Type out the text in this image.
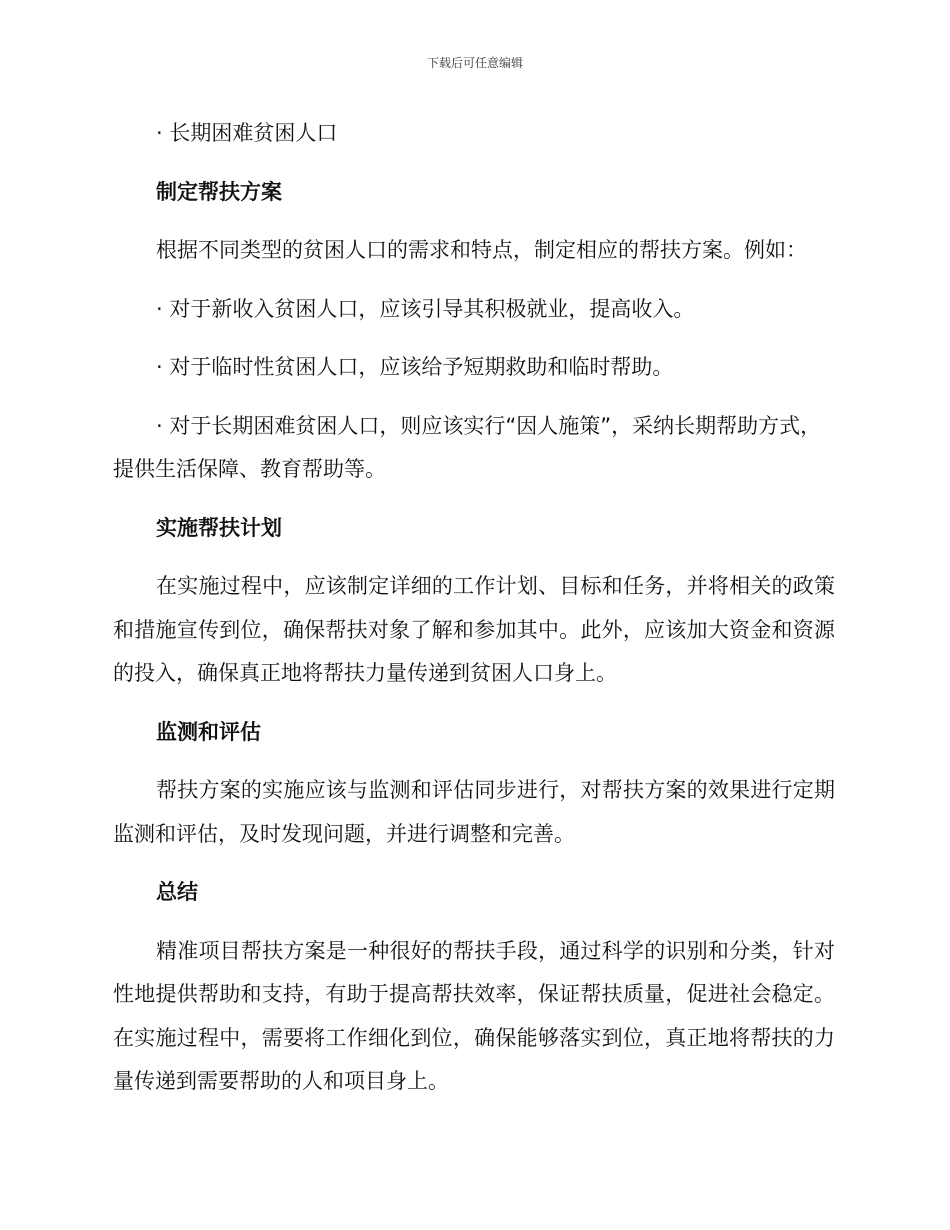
下载后可任意编辑

· 长期困难贫困人口

制定帮扶方案

根据不同类型的贫困人口的需求和特点，制定相应的帮扶方案。例如：

· 对于新收入贫困人口，应该引导其积极就业，提高收入。

· 对于临时性贫困人口，应该给予短期救助和临时帮助。

· 对于长期困难贫困人口，则应该实行“因人施策”，采纳长期帮助方式，提供生活保障、教育帮助等。

实施帮扶计划

在实施过程中，应该制定详细的工作计划、目标和任务，并将相关的政策和措施宣传到位，确保帮扶对象了解和参加其中。此外，应该加大资金和资源的投入，确保真正地将帮扶力量传递到贫困人口身上。

监测和评估

帮扶方案的实施应该与监测和评估同步进行，对帮扶方案的效果进行定期监测和评估，及时发现问题，并进行调整和完善。

总结

精准项目帮扶方案是一种很好的帮扶手段，通过科学的识别和分类，针对性地提供帮助和支持，有助于提高帮扶效率，保证帮扶质量，促进社会稳定。在实施过程中，需要将工作细化到位，确保能够落实到位，真正地将帮扶的力量传递到需要帮助的人和项目身上。
